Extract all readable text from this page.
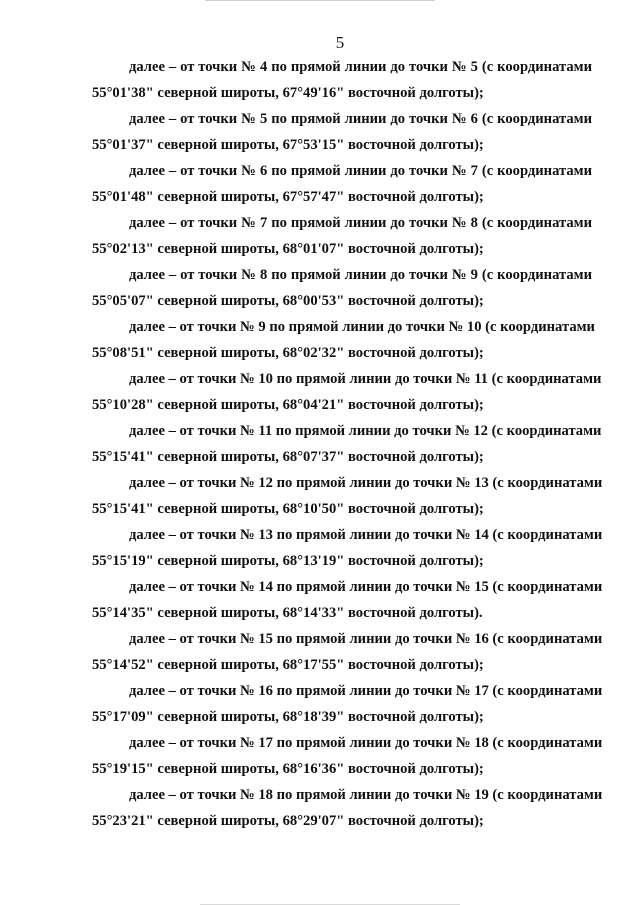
5
далее – от точки № 4 по прямой линии до точки № 5 (с координатами
55°01'38" северной широты, 67°49'16" восточной долготы);
далее – от точки № 5 по прямой линии до точки № 6 (с координатами
55°01'37" северной широты, 67°53'15" восточной долготы);
далее – от точки № 6 по прямой линии до точки № 7 (с координатами
55°01'48" северной широты, 67°57'47" восточной долготы);
далее – от точки № 7 по прямой линии до точки № 8 (с координатами
55°02'13" северной широты, 68°01'07" восточной долготы);
далее – от точки № 8 по прямой линии до точки № 9 (с координатами
55°05'07" северной широты, 68°00'53" восточной долготы);
далее – от точки № 9 по прямой линии до точки № 10 (с координатами
55°08'51" северной широты, 68°02'32" восточной долготы);
далее – от точки № 10 по прямой линии до точки № 11 (с координатами
55°10'28" северной широты, 68°04'21" восточной долготы);
далее – от точки № 11 по прямой линии до точки № 12 (с координатами
55°15'41" северной широты, 68°07'37" восточной долготы);
далее – от точки № 12 по прямой линии до точки № 13 (с координатами
55°15'41" северной широты, 68°10'50" восточной долготы);
далее – от точки № 13 по прямой линии до точки № 14 (с координатами
55°15'19" северной широты, 68°13'19" восточной долготы);
далее – от точки № 14 по прямой линии до точки № 15 (с координатами
55°14'35" северной широты, 68°14'33" восточной долготы).
далее – от точки № 15 по прямой линии до точки № 16 (с координатами
55°14'52" северной широты, 68°17'55" восточной долготы);
далее – от точки № 16 по прямой линии до точки № 17 (с координатами
55°17'09" северной широты, 68°18'39" восточной долготы);
далее – от точки № 17 по прямой линии до точки № 18 (с координатами
55°19'15" северной широты, 68°16'36" восточной долготы);
далее – от точки № 18 по прямой линии до точки № 19 (с координатами
55°23'21" северной широты, 68°29'07" восточной долготы);
